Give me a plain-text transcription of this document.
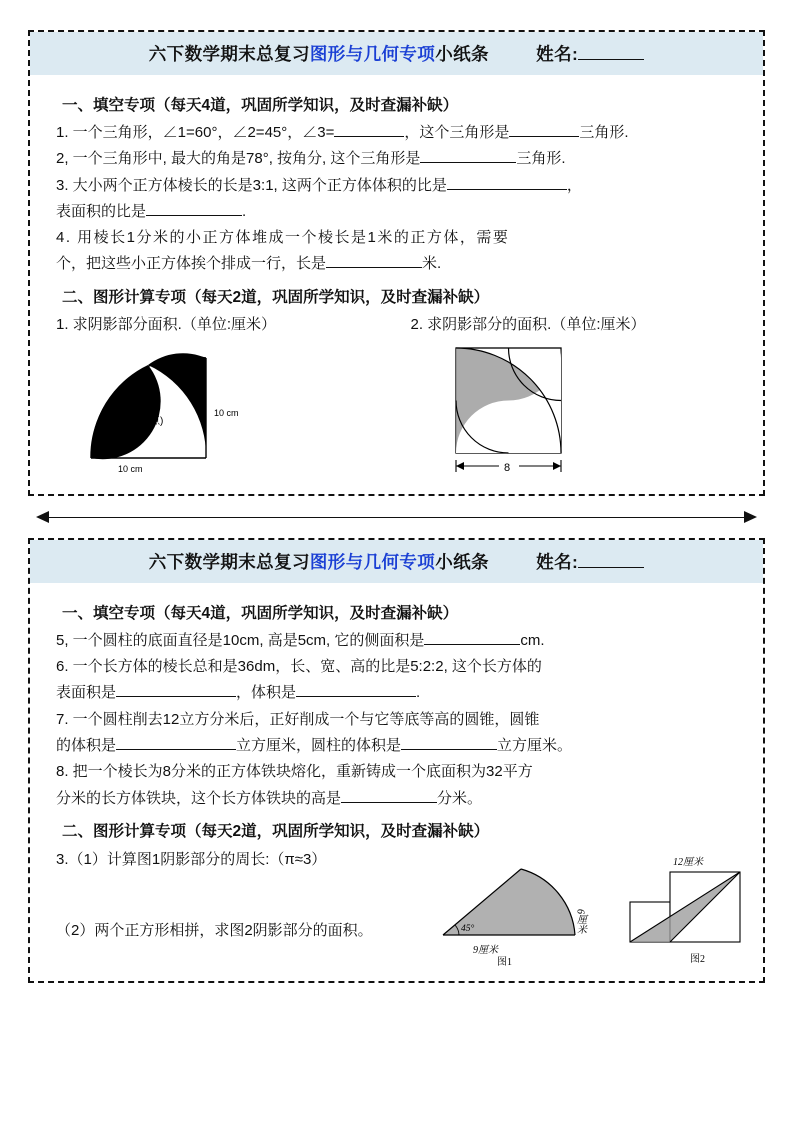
六下数学期末总复习图形与几何专项小纸条	姓名:
一、填空专项（每天4道，巩固所学知识，及时查漏补缺）
1. 一个三角形，∠1=60°，∠2=45°，∠3=	，这个三角形是	三角形.
2, 一个三角形中, 最大的角是78°, 按角分, 这个三角形是	三角形.
3. 大小两个正方体棱长的长是3:1, 这两个正方体体积的比是	，
表面积的比是	.
4. 用棱长1分米的小正方体堆成一个棱长是1米的正方体，需要
个，把这些小正方体挨个排成一行，长是	米.
二、图形计算专项（每天2道，巩固所学知识，及时查漏补缺）
1. 求阴影部分面积.（单位:厘米）	2. 求阴影部分的面积.（单位:厘米）
E(中点)
10 cm
10 cm	8
六下数学期末总复习图形与几何专项小纸条	姓名:
一、填空专项（每天4道，巩固所学知识，及时查漏补缺）
5, 一个圆柱的底面直径是10cm, 高是5cm, 它的侧面积是	cm.
6. 一个长方体的棱长总和是36dm，长、宽、高的比是5:2:2, 这个长方体的
表面积是	，体积是	.
7. 一个圆柱削去12立方分米后，正好削成一个与它等底等高的圆锥，圆锥
的体积是	立方厘米，圆柱的体积是	立方厘米。
8. 把一个棱长为8分米的正方体铁块熔化，重新铸成一个底面积为32平方
分米的长方体铁块，这个长方体铁块的高是	分米。
二、图形计算专项（每天2道，巩固所学知识，及时查漏补缺）
3.（1）计算图1阴影部分的周长:（π≈3）
（2）两个正方形相拼，求图2阴影部分的面积。	45°
9厘米
6厘米
图1
12厘米
图2
